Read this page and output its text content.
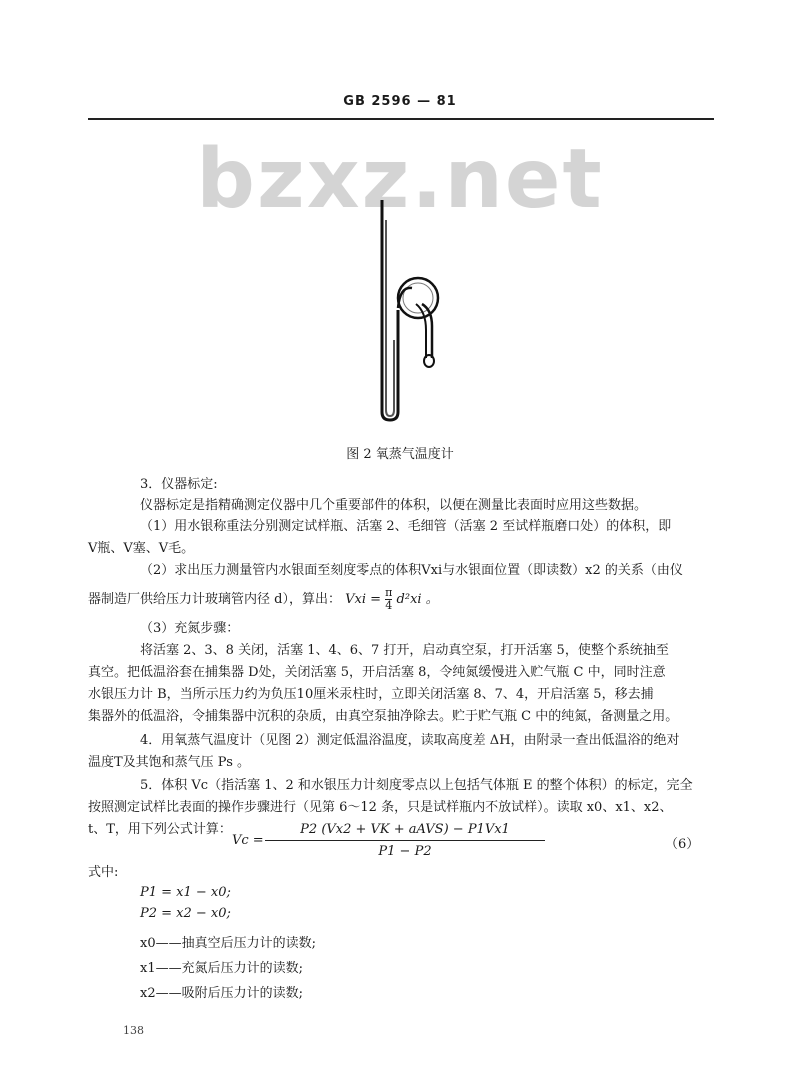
GB 2596 — 81
bzxz.net
图 2 氧蒸气温度计
3．仪器标定:
仪器标定是指精确测定仪器中几个重要部件的体积，以便在测量比表面时应用这些数据。
（1）用水银称重法分别测定试样瓶、活塞 2、毛细管（活塞 2 至试样瓶磨口处）的体积，即
V瓶、V塞、V毛。
（2）求出压力测量管内水银面至刻度零点的体积Vxi与水银面位置（即读数）x2 的关系（由仪
器制造厂供给压力计玻璃管内径 d），算出： Vxi = $\frac{\pi}{4} d^2xi$ 。
（3）充氮步骤：
将活塞 2、3、8 关闭，活塞 1、4、6、7 打开，启动真空泵，打开活塞 5，使整个系统抽至
真空。把低温浴套在捕集器 D处，关闭活塞 5，开启活塞 8，令纯氮缓慢进入贮气瓶 C 中，同时注意
水银压力计 B，当所示压力约为负压10厘米汞柱时，立即关闭活塞 8、7、4，开启活塞 5，移去捕
集器外的低温浴，令捕集器中沉积的杂质，由真空泵抽净除去。贮于贮气瓶 C 中的纯氮，备测量之用。
4．用氧蒸气温度计（见图 2）测定低温浴温度，读取高度差 ΔH，由附录一查出低温浴的绝对
温度T及其饱和蒸气压 Ps 。
5．体积 Vc（指活塞 1、2 和水银压力计刻度零点以上包括气体瓶 E 的整个体积）的标定，完全
按照测定试样比表面的操作步骤进行（见第 6～12 条，只是试样瓶内不放试样）。读取 x0、x1、x2、
t、T，用下列公式计算：
Vc =
P2 (Vx2 + VK + aAVS) − P1Vx1
P1 − P2	（6）
式中:
P1 = x1 − x0;
P2 = x2 − x0;
x0——抽真空后压力计的读数;
x1——充氮后压力计的读数;
x2——吸附后压力计的读数;
138
